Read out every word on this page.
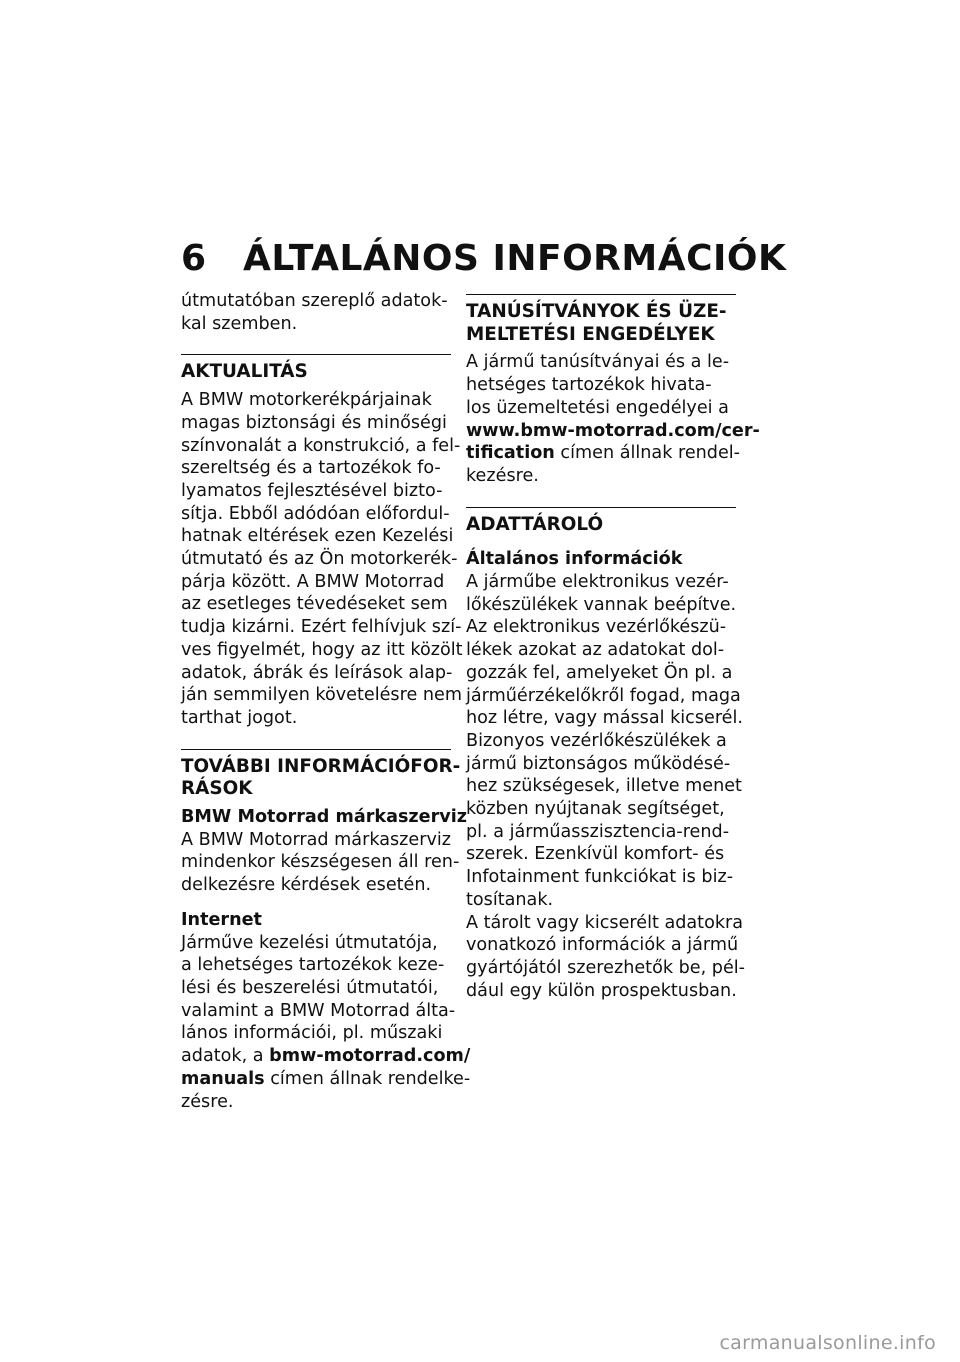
6 ÁLTALÁNOS INFORMÁCIÓK
útmutatóban szereplő adatok-
kal szemben.
AKTUALITÁS
A BMW motorkerékpárjainak
magas biztonsági és minőségi
színvonalát a konstrukció, a fel-
szereltség és a tartozékok fo-
lyamatos fejlesztésével bizto-
sítja. Ebből adódóan előfordul-
hatnak eltérések ezen Kezelési
útmutató és az Ön motorkerék-
párja között. A BMW Motorrad
az esetleges tévedéseket sem
tudja kizárni. Ezért felhívjuk szí-
ves figyelmét, hogy az itt közölt
adatok, ábrák és leírások alap-
ján semmilyen követelésre nem
tarthat jogot.
TOVÁBBI INFORMÁCIÓFOR-
RÁSOK
BMW Motorrad márkaszerviz
A BMW Motorrad márkaszerviz
mindenkor készségesen áll ren-
delkezésre kérdések esetén.
Internet
Járműve kezelési útmutatója,
a lehetséges tartozékok keze-
lési és beszerelési útmutatói,
valamint a BMW Motorrad álta-
lános információi, pl. műszaki
adatok, a bmw-motorrad.com/
manuals címen állnak rendelke-
zésre.
TANÚSÍTVÁNYOK ÉS ÜZE-
MELTETÉSI ENGEDÉLYEK
A jármű tanúsítványai és a le-
hetséges tartozékok hivata-
los üzemeltetési engedélyei a
www.bmw-motorrad.com/cer-
tification címen állnak rendel-
kezésre.
ADATTÁROLÓ
Általános információk
A járműbe elektronikus vezér-
lőkészülékek vannak beépítve.
Az elektronikus vezérlőkészü-
lékek azokat az adatokat dol-
gozzák fel, amelyeket Ön pl. a
járműérzékelőkről fogad, maga
hoz létre, vagy mással kicserél.
Bizonyos vezérlőkészülékek a
jármű biztonságos működésé-
hez szükségesek, illetve menet
közben nyújtanak segítséget,
pl. a járműasszisztencia-rend-
szerek. Ezenkívül komfort- és
Infotainment funkciókat is biz-
tosítanak.
A tárolt vagy kicserélt adatokra
vonatkozó információk a jármű
gyártójától szerezhetők be, pél-
dául egy külön prospektusban.
carmanualsonline.info
